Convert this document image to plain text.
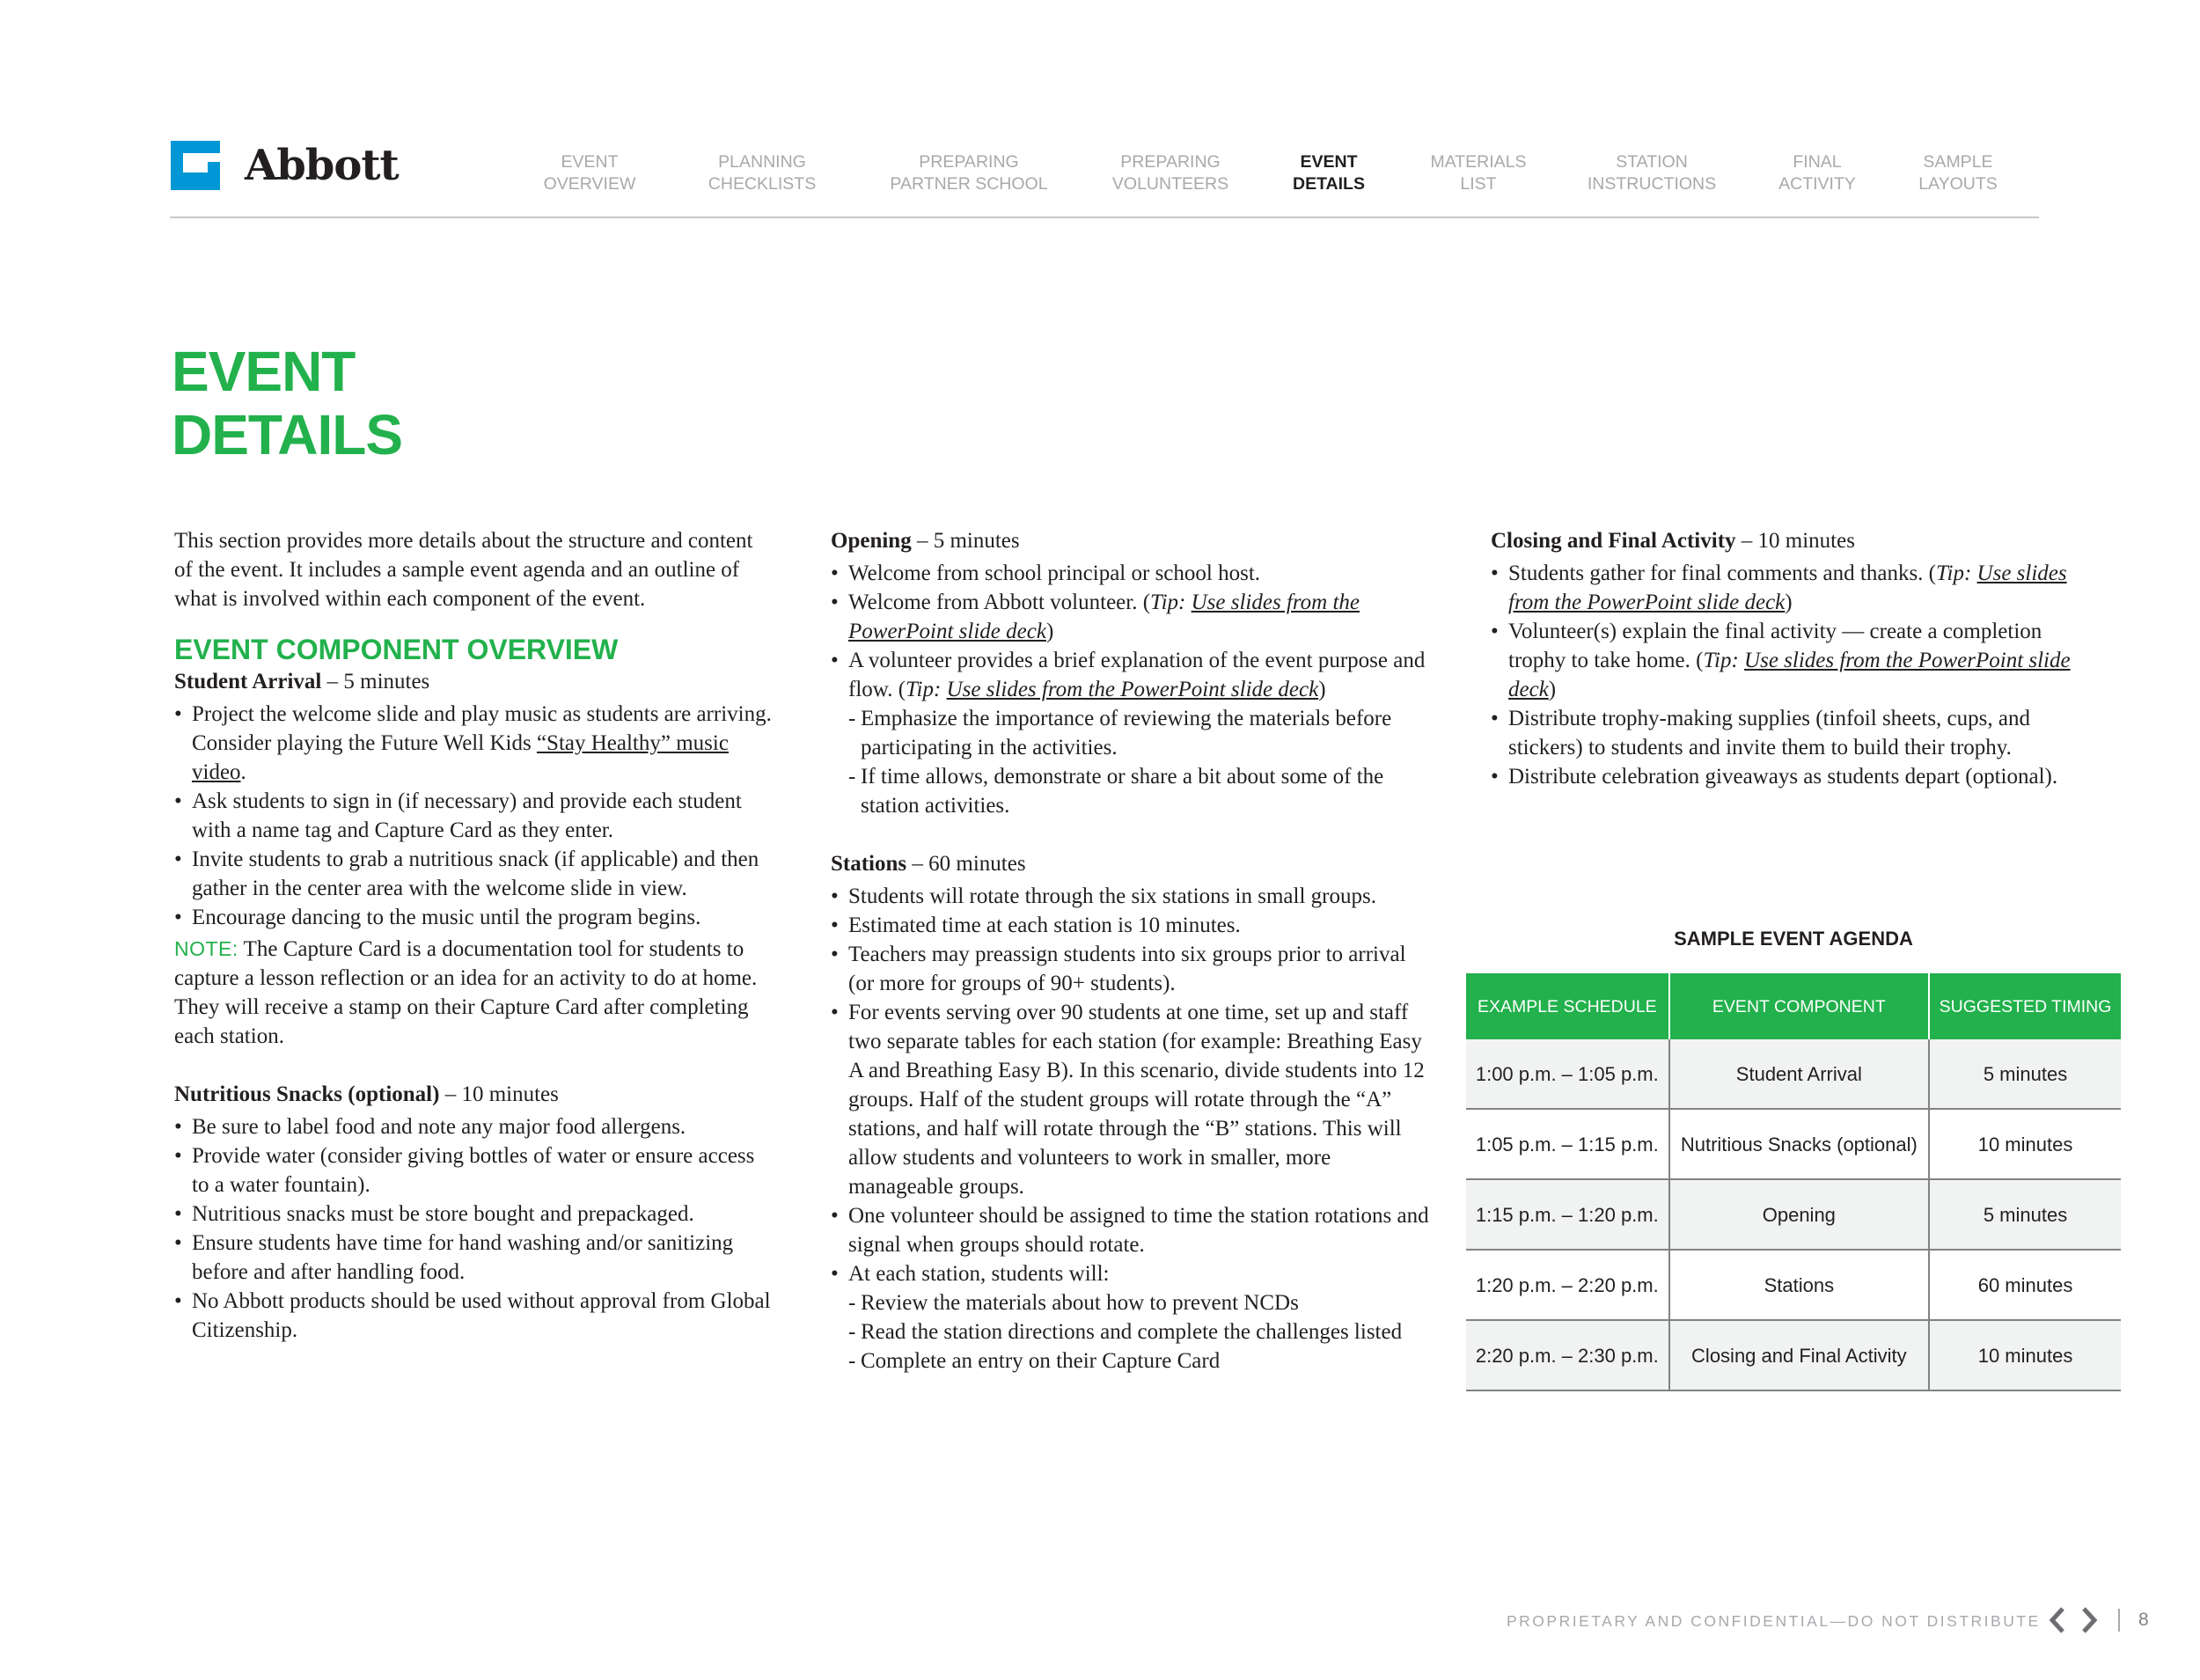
Abbott	EVENT
OVERVIEW
PLANNING
CHECKLISTS
PREPARING
PARTNER SCHOOL
PREPARING
VOLUNTEERS
EVENT
DETAILS
MATERIALS
LIST
STATION
INSTRUCTIONS
FINAL
ACTIVITY
SAMPLE
LAYOUTS
EVENT
DETAILS

This section provides more details about the structure and content of the event. It includes a sample event agenda and an outline of what is involved within each component of the event.

EVENT COMPONENT OVERVIEW

Student Arrival – 5 minutes

• Project the welcome slide and play music as students are arriving. Consider playing the Future Well Kids “Stay Healthy” music video.
• Ask students to sign in (if necessary) and provide each student with a name tag and Capture Card as they enter.
• Invite students to grab a nutritious snack (if applicable) and then gather in the center area with the welcome slide in view.
• Encourage dancing to the music until the program begins.

NOTE: The Capture Card is a documentation tool for students to capture a lesson reflection or an idea for an activity to do at home. They will receive a stamp on their Capture Card after completing each station.

Nutritious Snacks (optional) – 10 minutes

• Be sure to label food and note any major food allergens.
• Provide water (consider giving bottles of water or ensure access to a water fountain).
• Nutritious snacks must be store bought and prepackaged.
• Ensure students have time for hand washing and/or sanitizing before and after handling food.
• No Abbott products should be used without approval from Global Citizenship.

Opening – 5 minutes

• Welcome from school principal or school host.
• Welcome from Abbott volunteer. (Tip: Use slides from the PowerPoint slide deck)
• A volunteer provides a brief explanation of the event purpose and flow. (Tip: Use slides from the PowerPoint slide deck)
- Emphasize the importance of reviewing the materials before participating in the activities.
- If time allows, demonstrate or share a bit about some of the station activities.

Stations – 60 minutes

• Students will rotate through the six stations in small groups.
• Estimated time at each station is 10 minutes.
• Teachers may preassign students into six groups prior to arrival (or more for groups of 90+ students).
• For events serving over 90 students at one time, set up and staff two separate tables for each station (for example: Breathing Easy A and Breathing Easy B). In this scenario, divide students into 12 groups. Half of the student groups will rotate through the “A” stations, and half will rotate through the “B” stations. This will allow students and volunteers to work in smaller, more manageable groups.
• One volunteer should be assigned to time the station rotations and signal when groups should rotate.
• At each station, students will:
- Review the materials about how to prevent NCDs
- Read the station directions and complete the challenges listed
- Complete an entry on their Capture Card

Closing and Final Activity – 10 minutes

• Students gather for final comments and thanks. (Tip: Use slides from the PowerPoint slide deck)
• Volunteer(s) explain the final activity — create a completion trophy to take home. (Tip: Use slides from the PowerPoint slide deck)
• Distribute trophy-making supplies (tinfoil sheets, cups, and stickers) to students and invite them to build their trophy.
• Distribute celebration giveaways as students depart (optional).
SAMPLE EVENT AGENDA
EXAMPLE SCHEDULE	EVENT COMPONENT	SUGGESTED TIMING
1:00 p.m. – 1:05 p.m.	Student Arrival	5 minutes
1:05 p.m. – 1:15 p.m.	Nutritious Snacks (optional)	10 minutes
1:15 p.m. – 1:20 p.m.	Opening	5 minutes
1:20 p.m. – 2:20 p.m.	Stations	60 minutes
2:20 p.m. – 2:30 p.m.	Closing and Final Activity	10 minutes
PROPRIETARY AND CONFIDENTIAL—DO NOT DISTRIBUTE	8
